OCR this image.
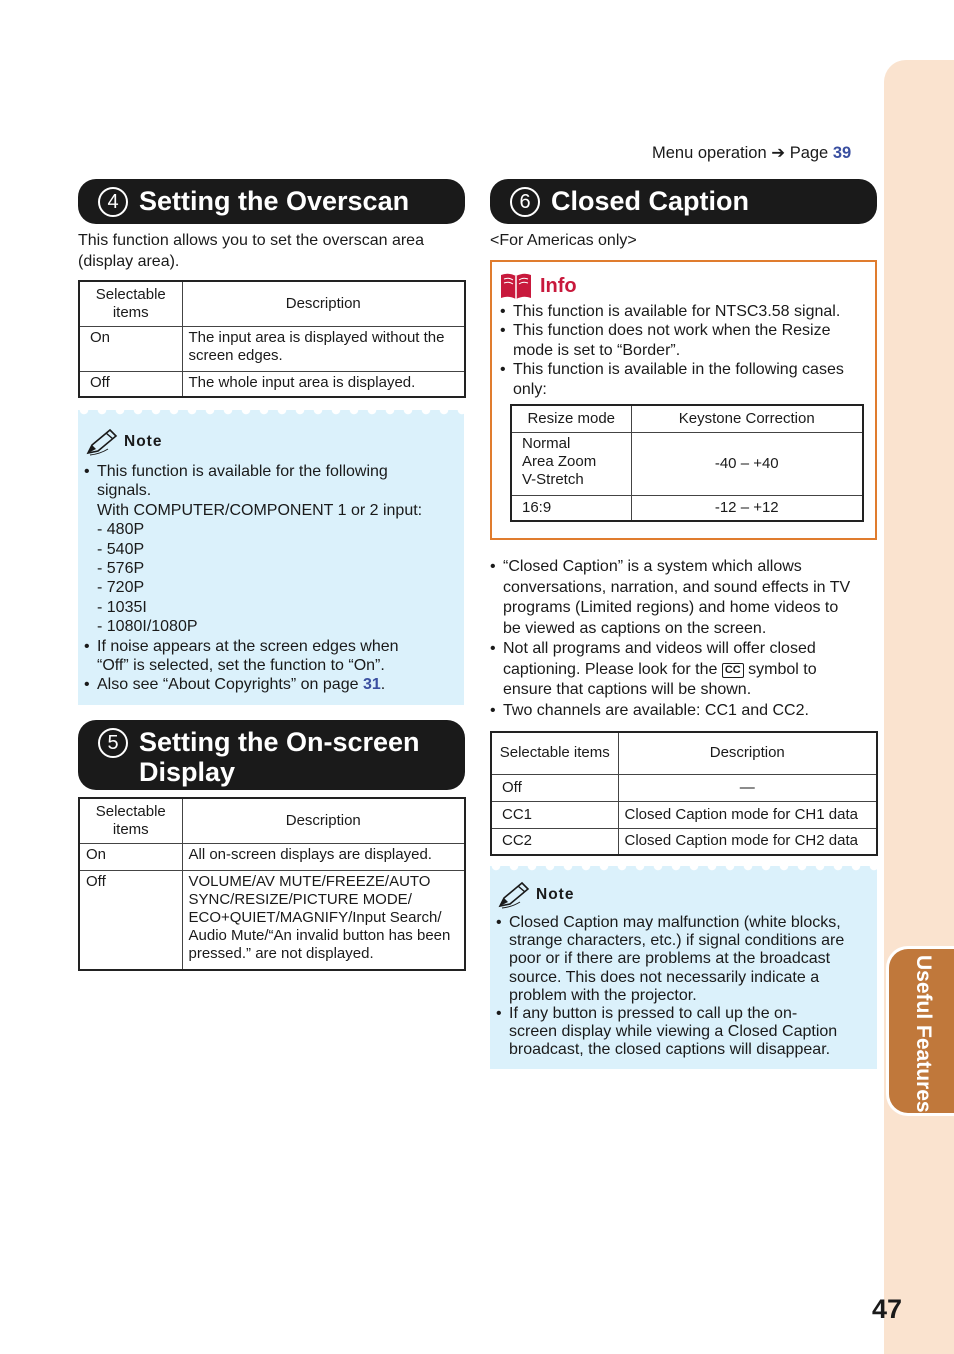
Useful Features
47
Menu operation ➔ Page 39
4 Setting the Overscan
This function allows you to set the overscan area (display area).
Selectable items	Description
On	The input area is displayed without the screen edges.
Off	The whole input area is displayed.
Note
• This function is available for the following
signals.
With COMPUTER/COMPONENT 1 or 2 input:
- 480P
- 540P
- 576P
- 720P
- 1035I
- 1080I/1080P
• If noise appears at the screen edges when
“Off” is selected, set the function to “On”.
• Also see “About Copyrights” on page 31.
5 Setting the On-screen
Display
Selectable items	Description
On	All on-screen displays are displayed.
Off	VOLUME/AV MUTE/FREEZE/AUTO SYNC/RESIZE/PICTURE MODE/ ECO+QUIET/MAGNIFY/Input Search/ Audio Mute/“An invalid button has been pressed.” are not displayed.
6 Closed Caption
<For Americas only>
Info
• This function is available for NTSC3.58 signal.
• This function does not work when the Resize
mode is set to “Border”.
• This function is available in the following cases
only:
Resize mode	Keystone Correction

Normal
Area Zoom
V-Stretch	-40 – +40
16:9	-12 – +12
• “Closed Caption” is a system which allows
conversations, narration, and sound effects in TV
programs (Limited regions) and home videos to
be viewed as captions on the screen.
• Not all programs and videos will offer closed
captioning. Please look for the CC symbol to
ensure that captions will be shown.
• Two channels are available: CC1 and CC2.
Selectable items	Description
Off	—
CC1	Closed Caption mode for CH1 data
CC2	Closed Caption mode for CH2 data
Note
• Closed Caption may malfunction (white blocks,
strange characters, etc.) if signal conditions are
poor or if there are problems at the broadcast
source. This does not necessarily indicate a
problem with the projector.
• If any button is pressed to call up the on-
screen display while viewing a Closed Caption
broadcast, the closed captions will disappear.
